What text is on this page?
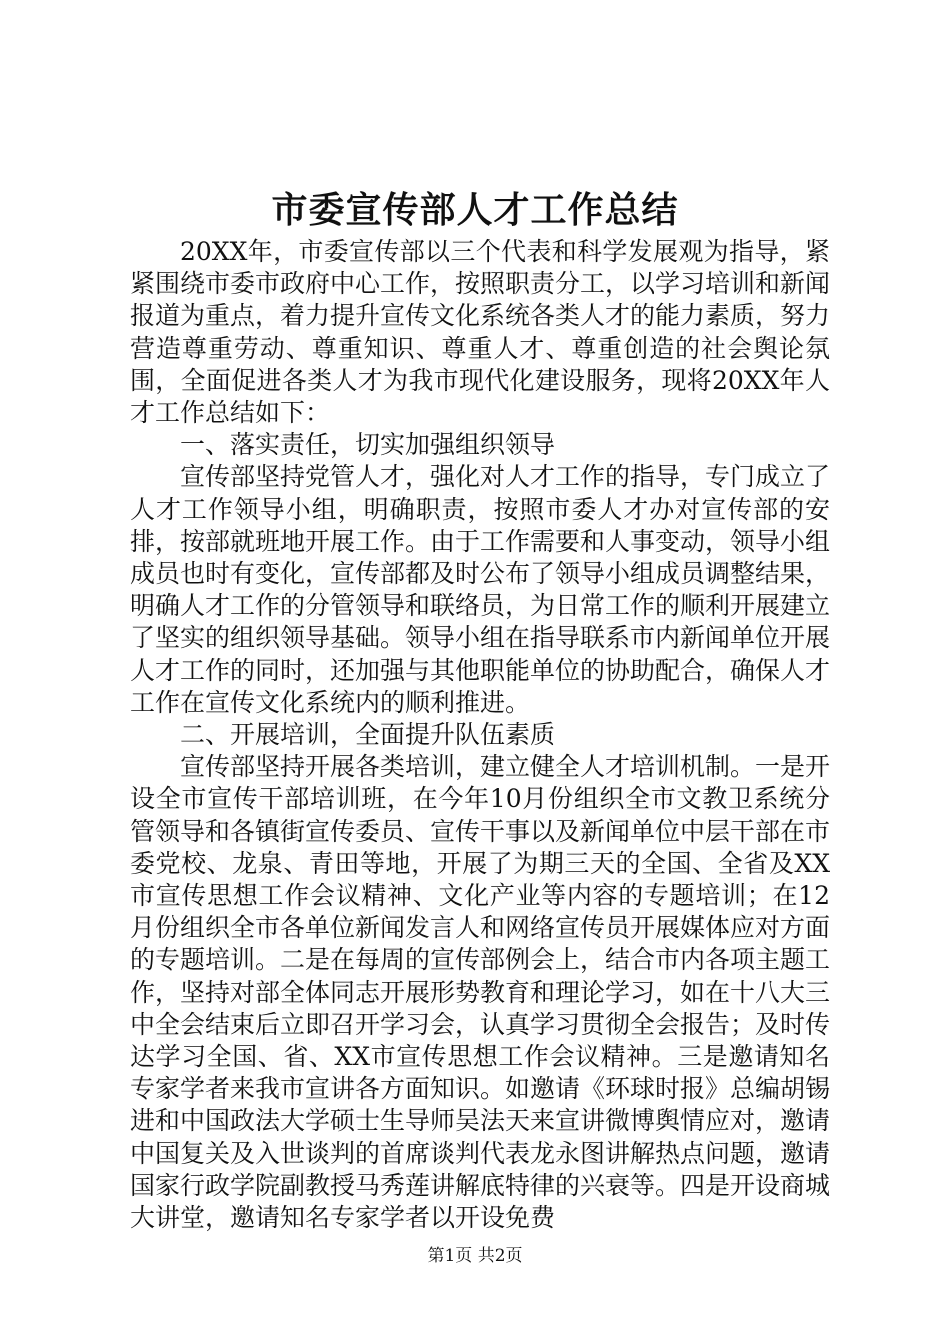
市委宣传部人才工作总结

20XX年，市委宣传部以三个代表和科学发展观为指导，紧紧围绕市委市政府中心工作，按照职责分工，以学习培训和新闻报道为重点，着力提升宣传文化系统各类人才的能力素质，努力营造尊重劳动、尊重知识、尊重人才、尊重创造的社会舆论氛围，全面促进各类人才为我市现代化建设服务，现将20XX年人才工作总结如下：

一、落实责任，切实加强组织领导

宣传部坚持党管人才，强化对人才工作的指导，专门成立了人才工作领导小组，明确职责，按照市委人才办对宣传部的安排，按部就班地开展工作。由于工作需要和人事变动，领导小组成员也时有变化，宣传部都及时公布了领导小组成员调整结果，明确人才工作的分管领导和联络员，为日常工作的顺利开展建立了坚实的组织领导基础。领导小组在指导联系市内新闻单位开展人才工作的同时，还加强与其他职能单位的协助配合，确保人才工作在宣传文化系统内的顺利推进。

二、开展培训，全面提升队伍素质

宣传部坚持开展各类培训，建立健全人才培训机制。一是开设全市宣传干部培训班，在今年10月份组织全市文教卫系统分管领导和各镇街宣传委员、宣传干事以及新闻单位中层干部在市委党校、龙泉、青田等地，开展了为期三天的全国、全省及XX市宣传思想工作会议精神、文化产业等内容的专题培训；在12月份组织全市各单位新闻发言人和网络宣传员开展媒体应对方面的专题培训。二是在每周的宣传部例会上，结合市内各项主题工作，坚持对部全体同志开展形势教育和理论学习，如在十八大三中全会结束后立即召开学习会，认真学习贯彻全会报告；及时传达学习全国、省、XX市宣传思想工作会议精神。三是邀请知名专家学者来我市宣讲各方面知识。如邀请《环球时报》总编胡锡进和中国政法大学硕士生导师吴法天来宣讲微博舆情应对，邀请中国复关及入世谈判的首席谈判代表龙永图讲解热点问题，邀请国家行政学院副教授马秀莲讲解底特律的兴衰等。四是开设商城大讲堂，邀请知名专家学者以开设免费

第1页 共2页
